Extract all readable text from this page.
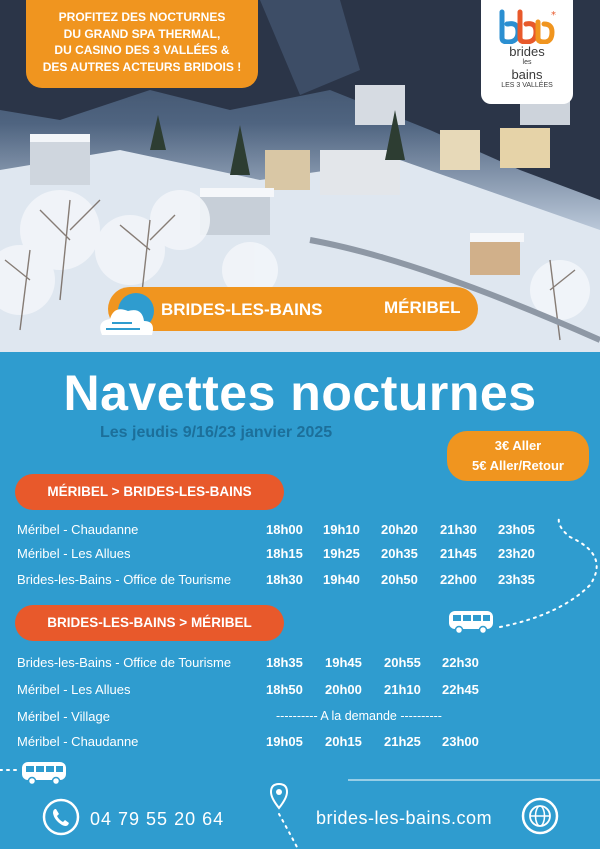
PROFITEZ DES NOCTURNES
DU GRAND SPA THERMAL,
DU CASINO DES 3 VALLÉES &
DES AUTRES ACTEURS BRIDOIS !
*
brides
les
bains
LES 3 VALLÉES
BRIDES-LES-BAINS	MÉRIBEL
Navettes nocturnes
Les jeudis 9/16/23 janvier 2025
3€ Aller
5€ Aller/Retour
MÉRIBEL > BRIDES-LES-BAINS
Méribel - Chaudanne	18h00 19h10 20h20 21h30 23h05
Méribel - Les Allues	18h15 19h25 20h35 21h45 23h20
Brides-les-Bains - Office de Tourisme	18h30 19h40 20h50 22h00 23h35
BRIDES-LES-BAINS > MÉRIBEL
Brides-les-Bains - Office de Tourisme	18h35 19h45 20h55 22h30
Méribel - Les Allues	18h50 20h00 21h10 22h45
Méribel - Village	---------- A la demande ----------
Méribel - Chaudanne	19h05 20h15 21h25 23h00
04 79 55 20 64	brides-les-bains.com
